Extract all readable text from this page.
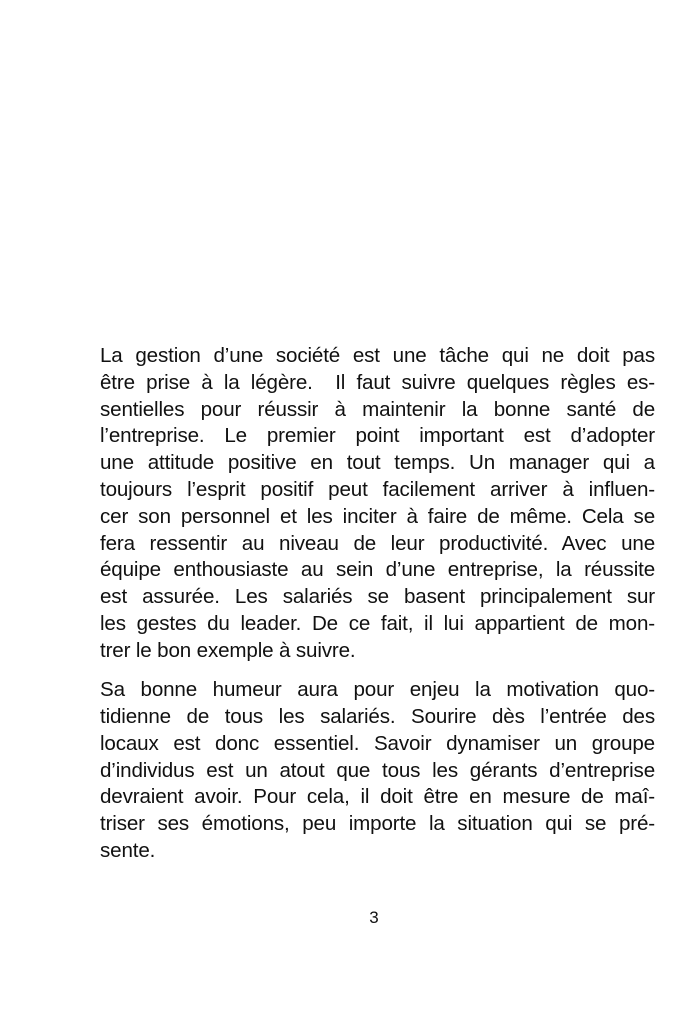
La gestion d’une société est une tâche qui ne doit pas
être prise à la légère.  Il faut suivre quelques règles es-
sentielles pour réussir à maintenir la bonne santé de
l’entreprise. Le premier point important est d’adopter
une attitude positive en tout temps. Un manager qui a
toujours l’esprit positif peut facilement arriver à influen-
cer son personnel et les inciter à faire de même. Cela se
fera ressentir au niveau de leur productivité. Avec une
équipe enthousiaste au sein d’une entreprise, la réussite
est assurée. Les salariés se basent principalement sur
les gestes du leader. De ce fait, il lui appartient de mon-
trer le bon exemple à suivre.
Sa bonne humeur aura pour enjeu la motivation quo-
tidienne de tous les salariés. Sourire dès l’entrée des
locaux est donc essentiel. Savoir dynamiser un groupe
d’individus est un atout que tous les gérants d’entreprise
devraient avoir. Pour cela, il doit être en mesure de maî-
triser ses émotions, peu importe la situation qui se pré-
sente.
3
